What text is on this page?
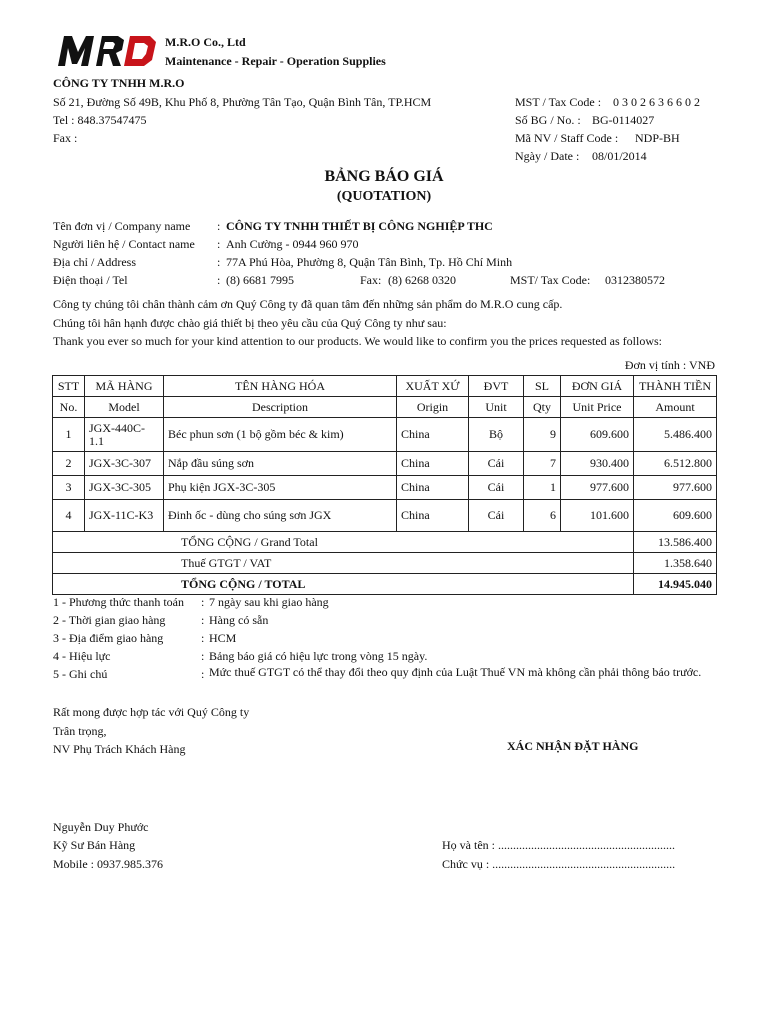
M.R.O Co., Ltd
Maintenance - Repair - Operation Supplies
CÔNG TY TNHH M.R.O
Số 21, Đường Số 49B, Khu Phố 8, Phường Tân Tạo, Quận Bình Tân, TP.HCM
Tel : 848.37547475
Fax :
MST / Tax Code : 0 3 0 2 6 3 6 6 0 2
Số BG / No. : BG-0114027
Mã NV / Staff Code : NDP-BH
Ngày / Date : 08/01/2014
BẢNG BÁO GIÁ
(QUOTATION)
Tên đơn vị / Company name : CÔNG TY TNHH THIẾT BỊ CÔNG NGHIỆP THC
Người liên hệ / Contact name : Anh Cường - 0944 960 970
Địa chỉ / Address	: 77A Phú Hòa, Phường 8, Quận Tân Bình, Tp. Hồ Chí Minh
Điện thoại / Tel	: (8) 6681 7995	Fax: (8) 6268 0320	MST/ Tax Code: 0312380572
Công ty chúng tôi chân thành cảm ơn Quý Công ty đã quan tâm đến những sản phẩm do M.R.O cung cấp.
Chúng tôi hân hạnh được chào giá thiết bị theo yêu cầu của Quý Công ty như sau:
Thank you ever so much for your kind attention to our products. We would like to confirm you the prices requested as follows:
Đơn vị tính : VNĐ
STT	MÃ HÀNG	TÊN HÀNG HÓA	XUẤT XỨ	ĐVT	SL	ĐƠN GIÁ	THÀNH TIỀN
No.	Model	Description	Origin	Unit	Qty	Unit Price	Amount
1	JGX-440C-1.1	Béc phun sơn (1 bộ gồm béc & kim)	China	Bộ	9	609.600	5.486.400
2	JGX-3C-307	Nắp đầu súng sơn	China	Cái	7	930.400	6.512.800
3	JGX-3C-305	Phụ kiện JGX-3C-305	China	Cái	1	977.600	977.600
4	JGX-11C-K3	Đinh ốc - dùng cho súng sơn JGX	China	Cái	6	101.600	609.600
TỔNG CỘNG / Grand Total							13.586.400
Thuế GTGT / VAT							1.358.640
TỔNG CỘNG / TOTAL							14.945.040
1 - Phương thức thanh toán : 7 ngày sau khi giao hàng
2 - Thời gian giao hàng	: Hàng có sẵn
3 - Địa điểm giao hàng	: HCM
4 - Hiệu lực	: Bảng báo giá có hiệu lực trong vòng 15 ngày.
5 - Ghi chú	: Mức thuế GTGT có thể thay đổi theo quy định của Luật Thuế VN mà không cần phải thông báo trước.
Rất mong được hợp tác với Quý Công ty
Trân trọng,
NV Phụ Trách Khách Hàng	XÁC NHẬN ĐẶT HÀNG
Nguyễn Duy Phước
Kỹ Sư Bán Hàng
Mobile : 0937.985.376
Họ và tên : ...........................................................
Chức vụ : .............................................................
